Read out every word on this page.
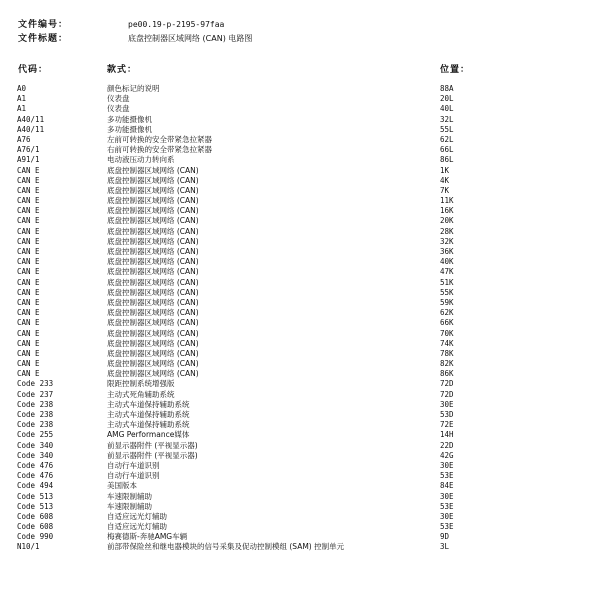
文件编号：	pe00.19-p-2195-97faa
文件标题：	底盘控制器区域网络 (CAN) 电路图
代码：	款式：	位置：
A0	颜色标记的说明	88A
A1	仪表盘	20L
A1	仪表盘	40L
A40/11	多功能摄像机	32L
A40/11	多功能摄像机	55L
A76	左前可转换的安全带紧急拉紧器	62L
A76/1	右前可转换的安全带紧急拉紧器	66L
A91/1	电动液压动力转向系	86L
CAN E	底盘控制器区域网络 (CAN)	1K
CAN E	底盘控制器区域网络 (CAN)	4K
CAN E	底盘控制器区域网络 (CAN)	7K
CAN E	底盘控制器区域网络 (CAN)	11K
CAN E	底盘控制器区域网络 (CAN)	16K
CAN E	底盘控制器区域网络 (CAN)	20K
CAN E	底盘控制器区域网络 (CAN)	28K
CAN E	底盘控制器区域网络 (CAN)	32K
CAN E	底盘控制器区域网络 (CAN)	36K
CAN E	底盘控制器区域网络 (CAN)	40K
CAN E	底盘控制器区域网络 (CAN)	47K
CAN E	底盘控制器区域网络 (CAN)	51K
CAN E	底盘控制器区域网络 (CAN)	55K
CAN E	底盘控制器区域网络 (CAN)	59K
CAN E	底盘控制器区域网络 (CAN)	62K
CAN E	底盘控制器区域网络 (CAN)	66K
CAN E	底盘控制器区域网络 (CAN)	70K
CAN E	底盘控制器区域网络 (CAN)	74K
CAN E	底盘控制器区域网络 (CAN)	78K
CAN E	底盘控制器区域网络 (CAN)	82K
CAN E	底盘控制器区域网络 (CAN)	86K
Code 233	限距控制系统增强版	72D
Code 237	主动式死角辅助系统	72D
Code 238	主动式车道保持辅助系统	30E
Code 238	主动式车道保持辅助系统	53D
Code 238	主动式车道保持辅助系统	72E
Code 255	AMG Performance媒体	14H
Code 340	前显示器附件 (平视显示器)	22D
Code 340	前显示器附件 (平视显示器)	42G
Code 476	自动行车道识别	30E
Code 476	自动行车道识别	53E
Code 494	美国版本	84E
Code 513	车速限制辅助	30E
Code 513	车速限制辅助	53E
Code 608	自适应远光灯辅助	30E
Code 608	自适应远光灯辅助	53E
Code 990	梅赛德斯-奔驰AMG车辆	9D
N10/1	前部带保险丝和继电器模块的信号采集及促动控制模组 (SAM) 控制单元	3L
